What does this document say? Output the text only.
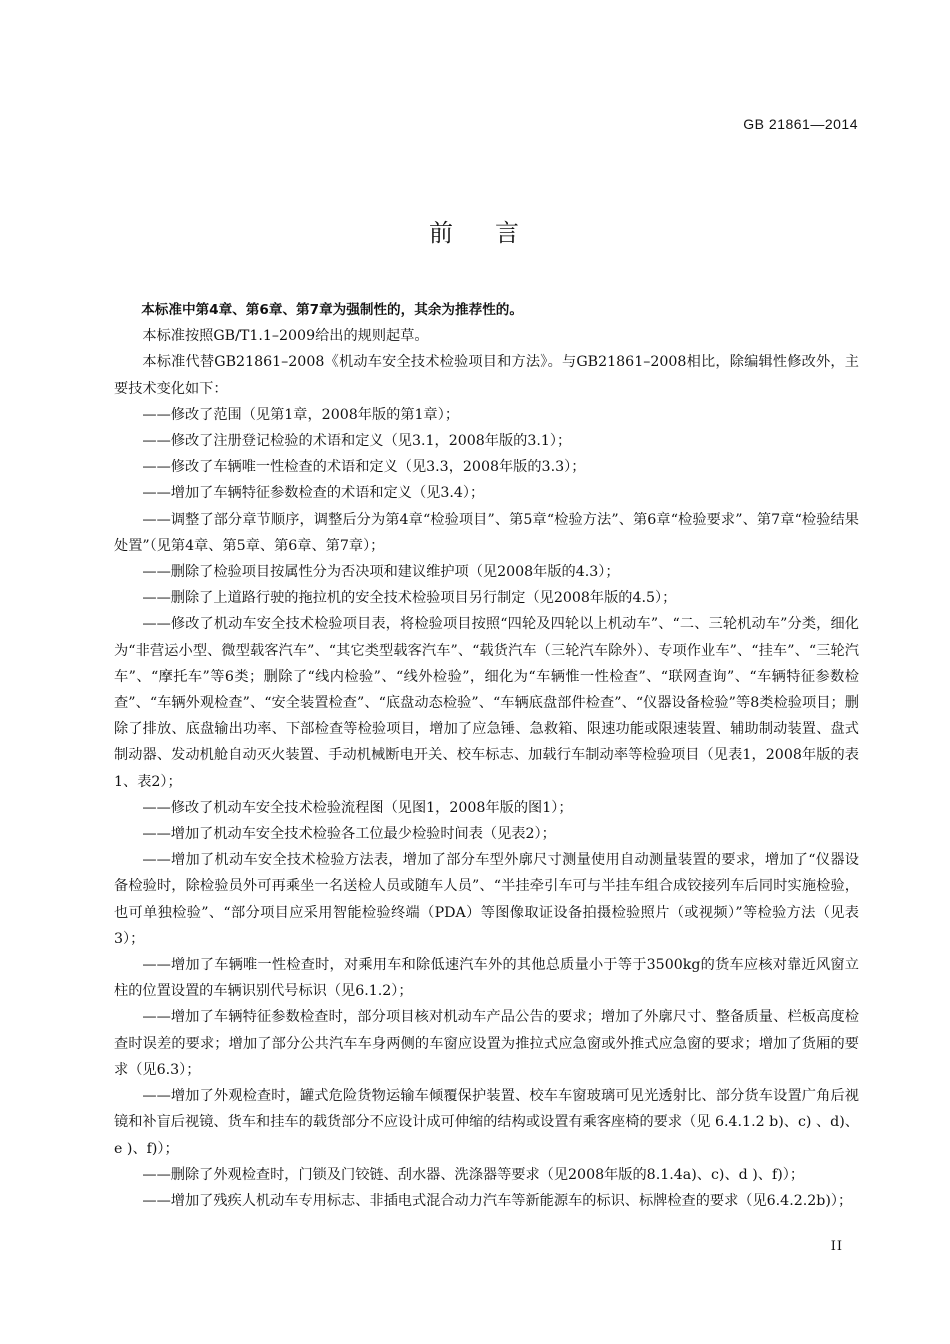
GB 21861—2014
前 言

本标准中第4章、第6章、第7章为强制性的，其余为推荐性的。

本标准按照GB/T1.1–2009给出的规则起草。

本标准代替GB21861–2008《机动车安全技术检验项目和方法》。与GB21861–2008相比，除编辑性修改外，主要技术变化如下：

——修改了范围（见第1章，2008年版的第1章）；

——修改了注册登记检验的术语和定义（见3.1，2008年版的3.1）；

——修改了车辆唯一性检查的术语和定义（见3.3，2008年版的3.3）；

——增加了车辆特征参数检查的术语和定义（见3.4）；

——调整了部分章节顺序，调整后分为第4章“检验项目”、第5章“检验方法”、第6章“检验要求”、第7章“检验结果处置”（见第4章、第5章、第6章、第7章）；

——删除了检验项目按属性分为否决项和建议维护项（见2008年版的4.3）；

——删除了上道路行驶的拖拉机的安全技术检验项目另行制定（见2008年版的4.5）；

——修改了机动车安全技术检验项目表，将检验项目按照“四轮及四轮以上机动车”、“二、三轮机动车”分类，细化为“非营运小型、微型载客汽车”、“其它类型载客汽车”、“载货汽车（三轮汽车除外）、专项作业车”、“挂车”、“三轮汽车”、“摩托车”等6类；删除了“线内检验”、“线外检验”，细化为“车辆惟一性检查”、“联网查询”、“车辆特征参数检查”、“车辆外观检查”、“安全装置检查”、“底盘动态检验”、“车辆底盘部件检查”、“仪器设备检验”等8类检验项目；删除了排放、底盘输出功率、下部检查等检验项目，增加了应急锤、急救箱、限速功能或限速装置、辅助制动装置、盘式制动器、发动机舱自动灭火装置、手动机械断电开关、校车标志、加载行车制动率等检验项目（见表1，2008年版的表1、表2）；

——修改了机动车安全技术检验流程图（见图1，2008年版的图1）；

——增加了机动车安全技术检验各工位最少检验时间表（见表2）；

——增加了机动车安全技术检验方法表，增加了部分车型外廓尺寸测量使用自动测量装置的要求，增加了“仪器设备检验时，除检验员外可再乘坐一名送检人员或随车人员”、“半挂牵引车可与半挂车组合成铰接列车后同时实施检验，也可单独检验”、“部分项目应采用智能检验终端（PDA）等图像取证设备拍摄检验照片（或视频）”等检验方法（见表3）；

——增加了车辆唯一性检查时，对乘用车和除低速汽车外的其他总质量小于等于3500kg的货车应核对靠近风窗立柱的位置设置的车辆识别代号标识（见6.1.2）；

——增加了车辆特征参数检查时，部分项目核对机动车产品公告的要求；增加了外廓尺寸、整备质量、栏板高度检查时误差的要求；增加了部分公共汽车车身两侧的车窗应设置为推拉式应急窗或外推式应急窗的要求；增加了货厢的要求（见6.3）；

——增加了外观检查时，罐式危险货物运输车倾覆保护装置、校车车窗玻璃可见光透射比、部分货车设置广角后视镜和补盲后视镜、货车和挂车的载货部分不应设计成可伸缩的结构或设置有乘客座椅的要求（见 6.4.1.2 b)、c) 、d)、e )、f)）；

——删除了外观检查时，门锁及门铰链、刮水器、洗涤器等要求（见2008年版的8.1.4a)、c)、d )、f)）；

——增加了残疾人机动车专用标志、非插电式混合动力汽车等新能源车的标识、标牌检查的要求（见6.4.2.2b)）；

II
